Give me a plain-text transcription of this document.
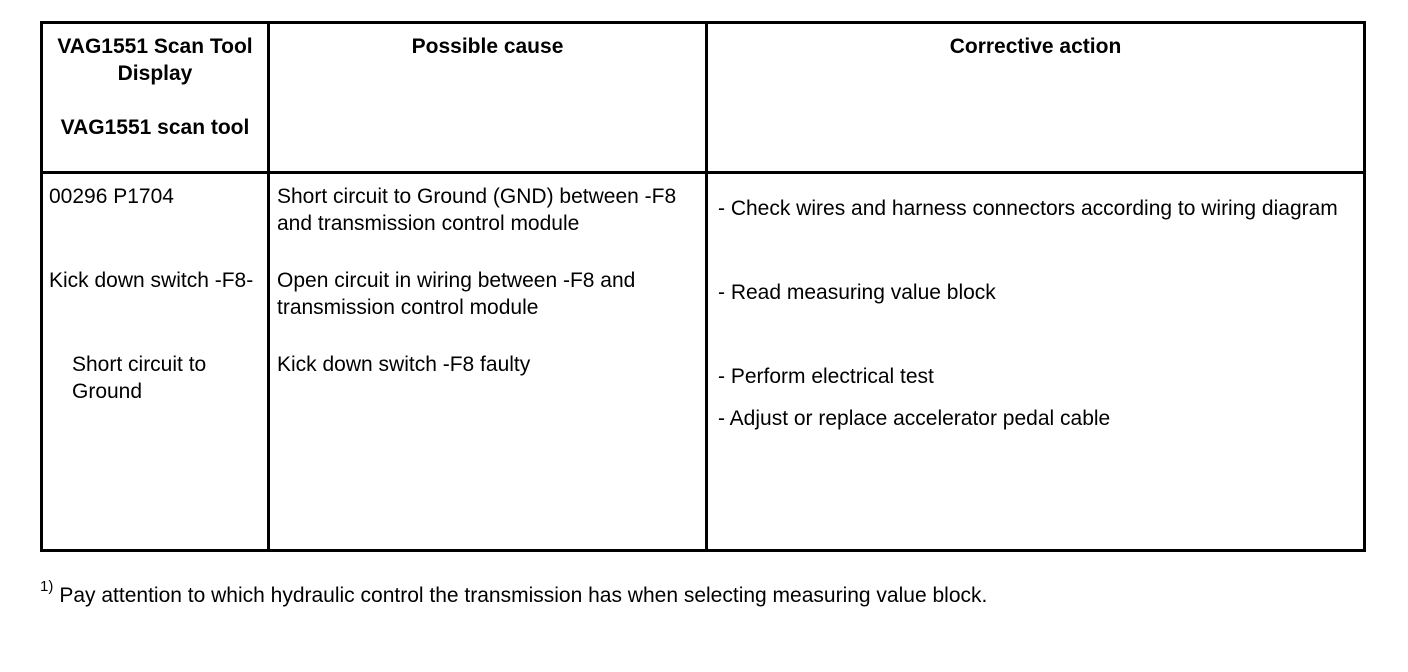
VAG1551 Scan Tool Display
VAG1551 scan tool
Possible cause	Corrective action
00296 P1704
Kick down switch -F8-
Short circuit to Ground
Short circuit to Ground (GND) between -F8 and transmission control module
Open circuit in wiring between -F8 and transmission control module
Kick down switch -F8 faulty
- Check wires and harness connectors according to wiring diagram
- Read measuring value block
- Perform electrical test
- Adjust or replace accelerator pedal cable
$^{1)}$ Pay attention to which hydraulic control the transmission has when selecting measuring value block.
